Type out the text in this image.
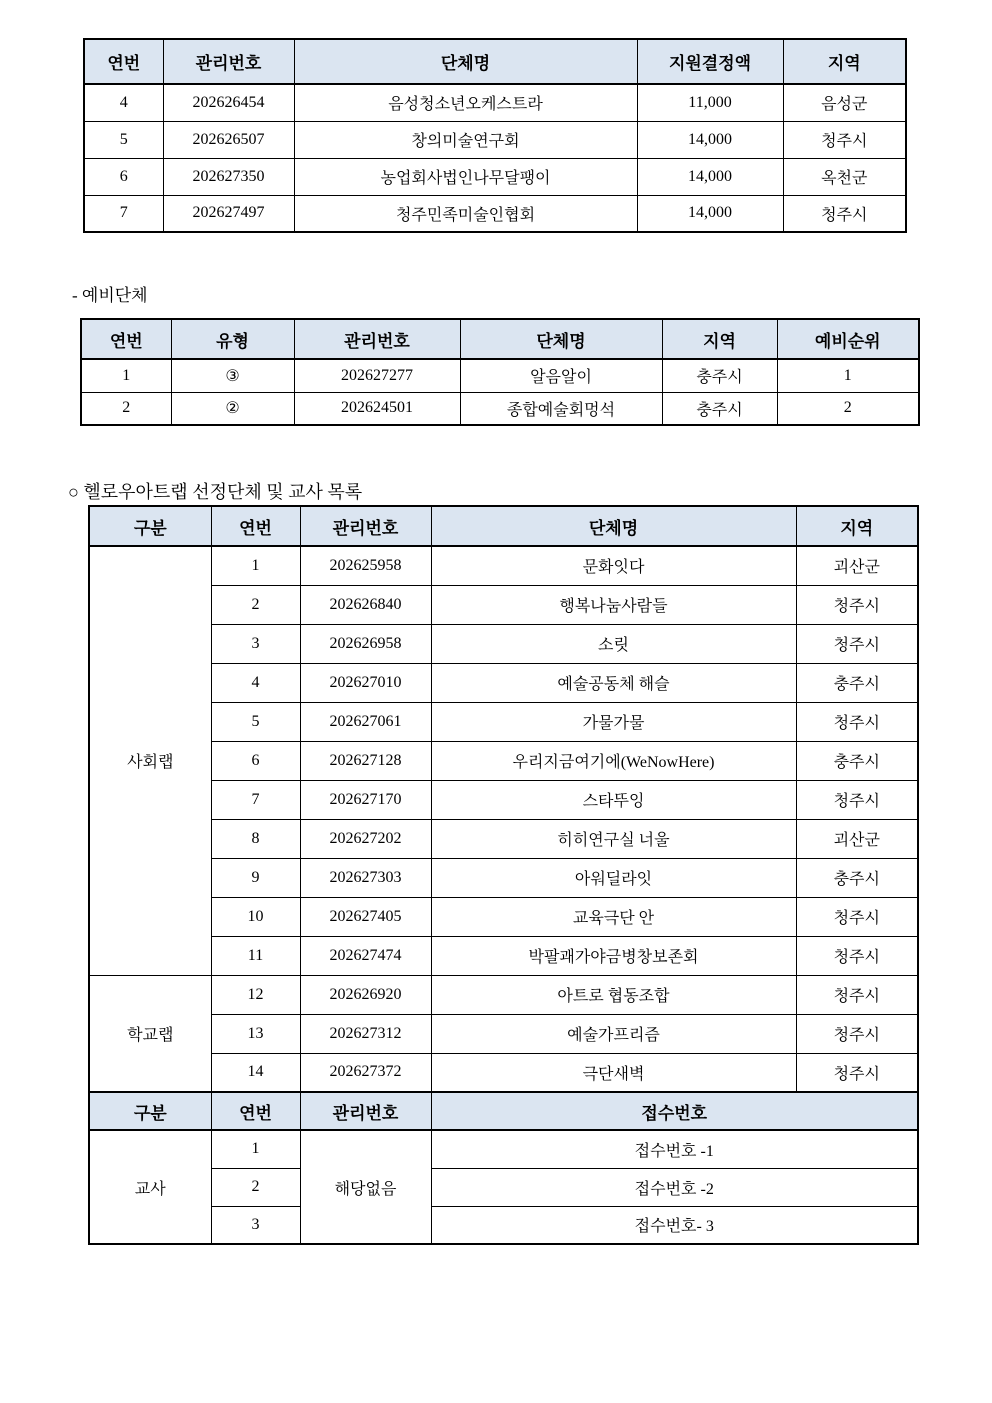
연번	관리번호	단체명	지원결정액	지역
4	202626454	음성청소년오케스트라	11,000	음성군
5	202626507	창의미술연구회	14,000	청주시
6	202627350	농업회사법인나무달팽이	14,000	옥천군
7	202627497	청주민족미술인협회	14,000	청주시
- 예비단체
연번	유형	관리번호	단체명	지역	예비순위
1	③	202627277	알음알이	충주시	1
2	②	202624501	종합예술회멍석	충주시	2
○ 헬로우아트랩 선정단체 및 교사 목록
구분	연번	관리번호	단체명	지역
사회랩	1	202625958	문화잇다	괴산군
	2	202626840	행복나눔사람들	청주시
	3	202626958	소릿	청주시
	4	202627010	예술공동체 해슬	충주시
	5	202627061	가물가물	청주시
	6	202627128	우리지금여기에(WeNowHere)	충주시
	7	202627170	스타뚜잉	청주시
	8	202627202	히히연구실 너울	괴산군
	9	202627303	아워딜라잇	충주시
	10	202627405	교육극단 안	청주시
	11	202627474	박팔괘가야금병창보존회	청주시
학교랩	12	202626920	아트로 협동조합	청주시
	13	202627312	예술가프리즘	청주시
	14	202627372	극단새벽	청주시
구분	연번	관리번호	접수번호	
교사	1	해당없음	접수번호 -1	
	2		접수번호 -2	
	3		접수번호- 3	
